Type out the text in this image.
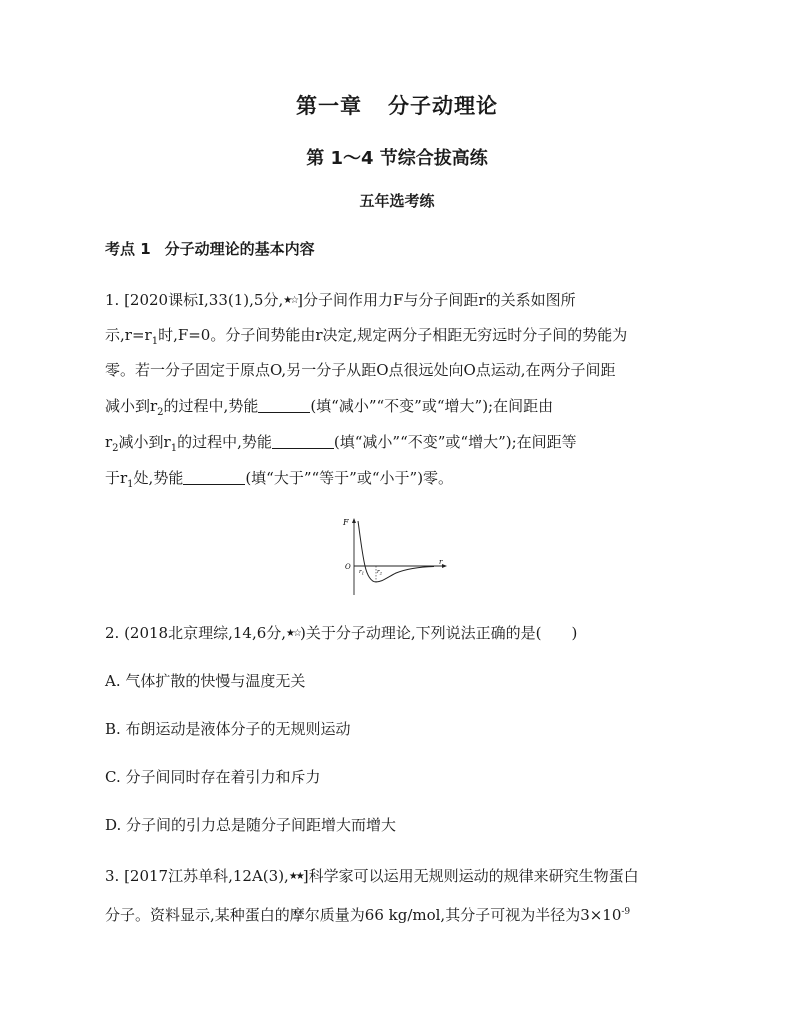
第一章 分子动理论
第 1～4 节综合拔高练
五年选考练
考点 1 分子动理论的基本内容
1. [2020课标Ⅰ,33(1),5分,★☆]分子间作用力F与分子间距r的关系如图所
示$,r=r_1$时,F=0。分子间势能由r决定,规定两分子相距无穷远时分子间的势能为
零。若一分子固定于原点O,另一分子从距O点很远处向O点运动,在两分子间距
减小到$r_2$的过程中,势能	(填“减小”“不变”或“增大”);在间距由
$r_2$减小到$r_1$的过程中,势能	(填“减小”“不变”或“增大”);在间距等
于$r_1$处,势能	(填“大于”“等于”或“小于”)零。
F
r
O
$r_1$ $r_2$
2. (2018北京理综,14,6分,★☆)关于分子动理论,下列说法正确的是( )
A. 气体扩散的快慢与温度无关
B. 布朗运动是液体分子的无规则运动
C. 分子间同时存在着引力和斥力
D. 分子间的引力总是随分子间距增大而增大
3. [2017江苏单科,12A(3),★★]科学家可以运用无规则运动的规律来研究生物蛋白
分子。资料显示,某种蛋白的摩尔质量为66 kg/mol,其分子可视为半径为$3\times 10^{-9}$
